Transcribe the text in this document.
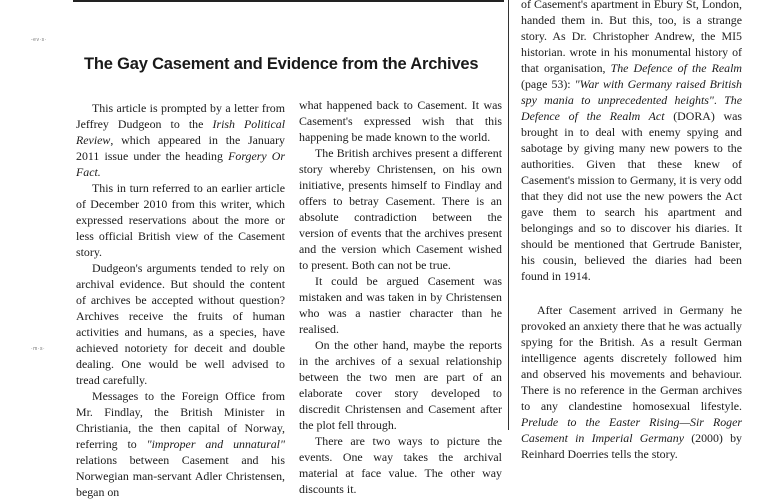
-ev·s·
·m·s·
The Gay Casement and Evidence from the Archives

This article is prompted by a letter from Jeffrey Dudgeon to the Irish Political Review, which appeared in the January 2011 issue under the heading Forgery Or Fact.

This in turn referred to an earlier article of December 2010 from this writer, which expressed reservations about the more or less official British view of the Casement story.

Dudgeon's arguments tended to rely on archival evidence. But should the content of archives be accepted without question? Archives receive the fruits of human activities and humans, as a species, have achieved notoriety for deceit and double dealing. One would be well advised to tread carefully.

Messages to the Foreign Office from Mr. Findlay, the British Minister in Christiania, the then capital of Norway, referring to "improper and unnatural" relations between Casement and his Norwegian man-servant Adler Christensen, began on

what happened back to Casement. It was Casement's expressed wish that this happening be made known to the world.

The British archives present a different story whereby Christensen, on his own initiative, presents himself to Findlay and offers to betray Casement. There is an absolute contradiction between the version of events that the archives present and the version which Casement wished to present. Both can not be true.

It could be argued Casement was mistaken and was taken in by Christensen who was a nastier character than he realised.

On the other hand, maybe the reports in the archives of a sexual relationship between the two men are part of an elaborate cover story developed to discredit Christensen and Casement after the plot fell through.

There are two ways to picture the events. One way takes the archival material at face value. The other way discounts it.

of Casement's apartment in Ebury St, London, handed them in. But this, too, is a strange story. As Dr. Christopher Andrew, the MI5 historian. wrote in his monumental history of that organisation, The Defence of the Realm (page 53): "War with Germany raised British spy mania to unprecedented heights". The Defence of the Realm Act (DORA) was brought in to deal with enemy spying and sabotage by giving many new powers to the authorities. Given that these knew of Casement's mission to Germany, it is very odd that they did not use the new powers the Act gave them to search his apartment and belongings and so to discover his diaries. It should be mentioned that Gertrude Banister, his cousin, believed the diaries had been found in 1914.

After Casement arrived in Germany he provoked an anxiety there that he was actually spying for the British. As a result German intelligence agents discretely followed him and observed his movements and behaviour. There is no reference in the German archives to any clandestine homosexual lifestyle. Prelude to the Easter Rising—Sir Roger Casement in Imperial Germany (2000) by Reinhard Doerries tells the story.
